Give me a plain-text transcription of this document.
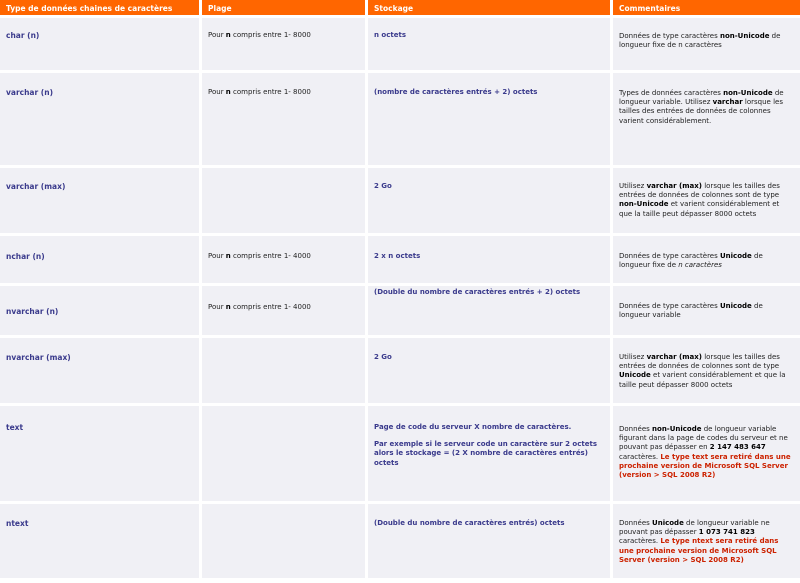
Type de données chaines de caractères	Plage	Stockage	Commentaires

char (n)	Pour n compris entre 1- 8000	n octets	Données de type caractères non-Unicode de longueur fixe de n caractères

varchar (n)	Pour n compris entre 1- 8000	(nombre de caractères entrés + 2) octets	Types de données caractères non-Unicode de longueur variable. Utilisez varchar lorsque les tailles des entrées de données de colonnes varient considérablement.

varchar (max)		2 Go	Utilisez varchar (max) lorsque les tailles des entrées de données de colonnes sont de type non-Unicode et varient considérablement et que la taille peut dépasser 8000 octets

nchar (n)	Pour n compris entre 1- 4000	2 x n octets	Données de type caractères Unicode de longueur fixe de n caractères

nvarchar (n)	Pour n compris entre 1- 4000	(Double du nombre de caractères entrés + 2) octets	Données de type caractères Unicode de longueur variable

nvarchar (max)		2 Go	Utilisez varchar (max) lorsque les tailles des entrées de données de colonnes sont de type Unicode et varient considérablement et que la taille peut dépasser 8000 octets

text		Page de code du serveur X nombre de caractères.
Par exemple si le serveur code un caractère sur 2 octets alors le stockage = (2 X nombre de caractères entrés) octets	Données non-Unicode de longueur variable figurant dans la page de codes du serveur et ne pouvant pas dépasser en 2 147 483 647 caractères. Le type text sera retiré dans une prochaine version de Microsoft SQL Server (version > SQL 2008 R2)

ntext		(Double du nombre de caractères entrés) octets	Données Unicode de longueur variable ne pouvant pas dépasser 1 073 741 823 caractères. Le type ntext sera retiré dans une prochaine version de Microsoft SQL Server (version > SQL 2008 R2)
